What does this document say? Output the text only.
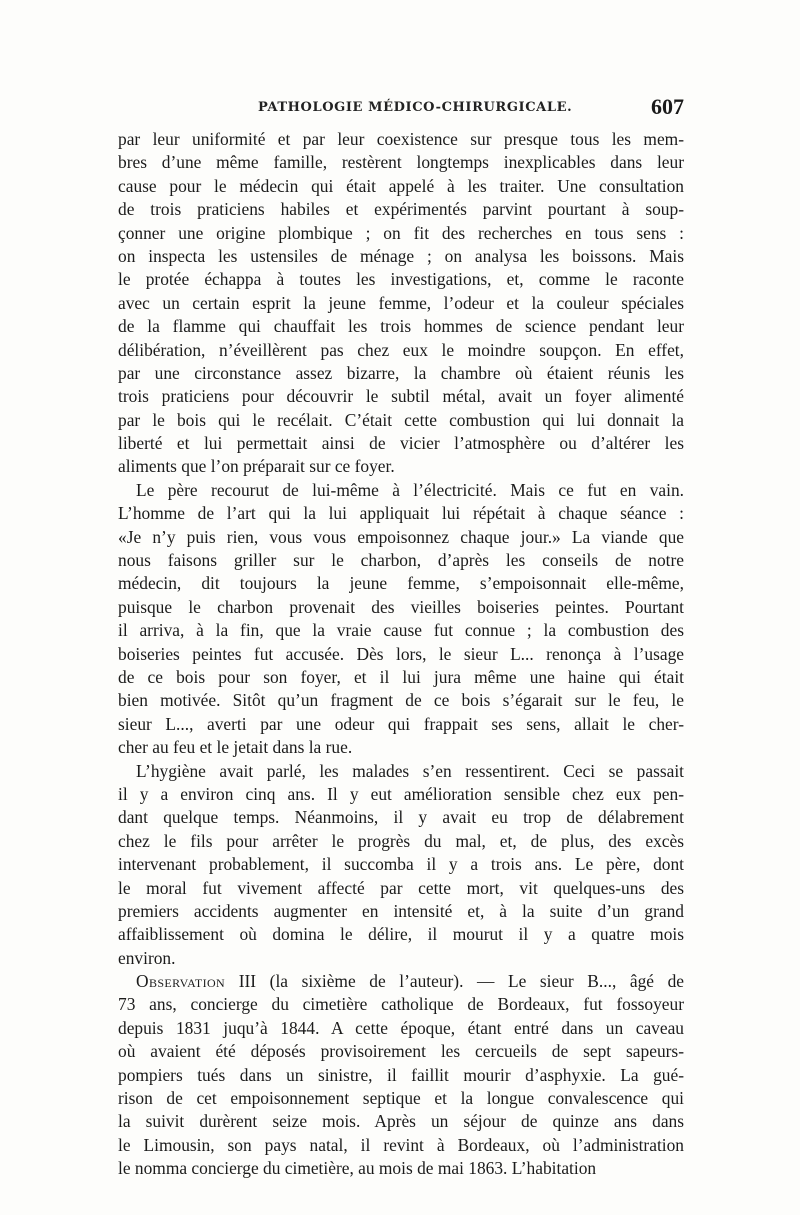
PATHOLOGIE MÉDICO-CHIRURGICALE.	607
par leur uniformité et par leur coexistence sur presque tous les mem-
bres d’une même famille, restèrent longtemps inexplicables dans leur
cause pour le médecin qui était appelé à les traiter. Une consultation
de trois praticiens habiles et expérimentés parvint pourtant à soup-
çonner une origine plombique ; on fit des recherches en tous sens :
on inspecta les ustensiles de ménage ; on analysa les boissons. Mais
le protée échappa à toutes les investigations, et, comme le raconte
avec un certain esprit la jeune femme, l’odeur et la couleur spéciales
de la flamme qui chauffait les trois hommes de science pendant leur
délibération, n’éveillèrent pas chez eux le moindre soupçon. En effet,
par une circonstance assez bizarre, la chambre où étaient réunis les
trois praticiens pour découvrir le subtil métal, avait un foyer alimenté
par le bois qui le recélait. C’était cette combustion qui lui donnait la
liberté et lui permettait ainsi de vicier l’atmosphère ou d’altérer les
aliments que l’on préparait sur ce foyer.
Le père recourut de lui-même à l’électricité. Mais ce fut en vain.
L’homme de l’art qui la lui appliquait lui répétait à chaque séance :
«Je n’y puis rien, vous vous empoisonnez chaque jour.» La viande que
nous faisons griller sur le charbon, d’après les conseils de notre
médecin, dit toujours la jeune femme, s’empoisonnait elle-même,
puisque le charbon provenait des vieilles boiseries peintes. Pourtant
il arriva, à la fin, que la vraie cause fut connue ; la combustion des
boiseries peintes fut accusée. Dès lors, le sieur L... renonça à l’usage
de ce bois pour son foyer, et il lui jura même une haine qui était
bien motivée. Sitôt qu’un fragment de ce bois s’égarait sur le feu, le
sieur L..., averti par une odeur qui frappait ses sens, allait le cher-
cher au feu et le jetait dans la rue.
L’hygiène avait parlé, les malades s’en ressentirent. Ceci se passait
il y a environ cinq ans. Il y eut amélioration sensible chez eux pen-
dant quelque temps. Néanmoins, il y avait eu trop de délabrement
chez le fils pour arrêter le progrès du mal, et, de plus, des excès
intervenant probablement, il succomba il y a trois ans. Le père, dont
le moral fut vivement affecté par cette mort, vit quelques-uns des
premiers accidents augmenter en intensité et, à la suite d’un grand
affaiblissement où domina le délire, il mourut il y a quatre mois
environ.
Observation III (la sixième de l’auteur). — Le sieur B..., âgé de
73 ans, concierge du cimetière catholique de Bordeaux, fut fossoyeur
depuis 1831 juqu’à 1844. A cette époque, étant entré dans un caveau
où avaient été déposés provisoirement les cercueils de sept sapeurs-
pompiers tués dans un sinistre, il faillit mourir d’asphyxie. La gué-
rison de cet empoisonnement septique et la longue convalescence qui
la suivit durèrent seize mois. Après un séjour de quinze ans dans
le Limousin, son pays natal, il revint à Bordeaux, où l’administration
le nomma concierge du cimetière, au mois de mai 1863. L’habitation
